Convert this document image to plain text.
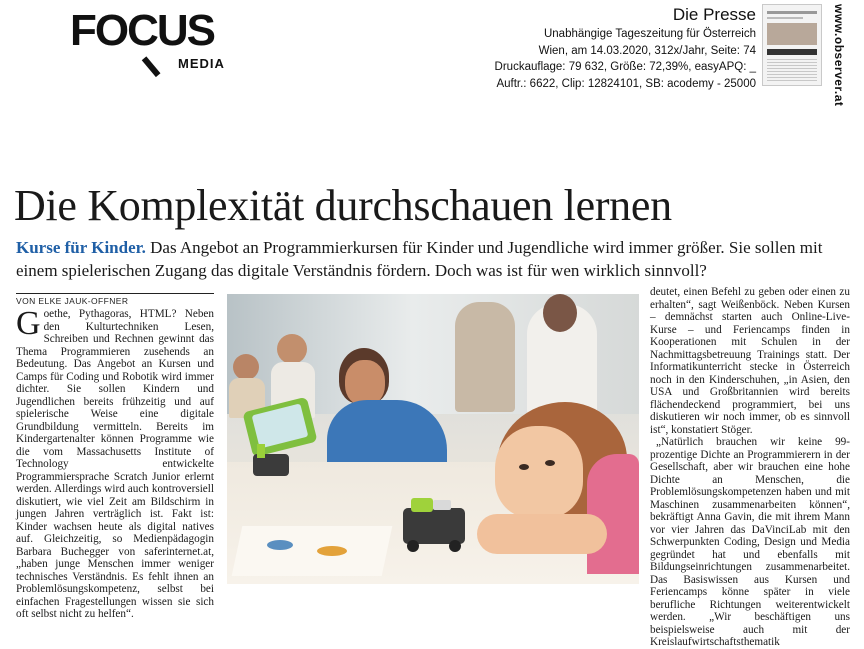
FOCUS
MEDIA
Die Presse
Unabhängige Tageszeitung für Österreich
Wien, am 14.03.2020, 312x/Jahr, Seite: 74
Druckauflage: 79 632, Größe: 72,39%, easyAPQ: _
Auftr.: 6622, Clip: 12824101, SB: acodemy - 25000	www.observer.at
Die Komplexität durchschauen lernen
Kurse für Kinder. Das Angebot an Programmierkursen für Kinder und Jugendliche wird immer größer. Sie sollen mit einem spielerischen Zugang das digitale Verständnis fördern. Doch was ist für wen wirklich sinnvoll?
VON ELKE JAUK-OFFNER

Goethe, Pythagoras, HTML? Neben den Kulturtechniken Lesen, Schreiben und Rechnen gewinnt das Thema Programmieren zusehends an Bedeutung. Das Angebot an Kursen und Camps für Coding und Robotik wird immer dichter. Sie sollen Kindern und Jugendlichen bereits frühzeitig und auf spielerische Weise eine digitale Grundbildung vermitteln. Bereits im Kindergartenalter können Programme wie die vom Massachusetts Institute of Technology entwickelte Programmiersprache Scratch Junior erlernt werden. Allerdings wird auch kontroversiell diskutiert, wie viel Zeit am Bildschirm in jungen Jahren verträglich ist. Fakt ist: Kinder wachsen heute als digital natives auf. Gleichzeitig, so Medienpädagogin Barbara Buchegger von saferinternet.at, „haben junge Menschen immer weniger technisches Verständnis. Es fehlt ihnen an Problemlösungskompetenz, selbst bei einfachen Fragestellungen wissen sie sich oft selbst nicht zu helfen“.

deutet, einen Befehl zu geben oder einen zu erhalten“, sagt Weißenböck. Neben Kursen – demnächst starten auch Online-Live-Kurse – und Feriencamps finden in Kooperationen mit Schulen in der Nachmittagsbetreuung Trainings statt. Der Informatikunterricht stecke in Österreich noch in den Kinderschuhen, „in Asien, den USA und Großbritannien wird bereits flächendeckend programmiert, bei uns diskutieren wir noch immer, ob es sinnvoll ist“, konstatiert Stöger.

„Natürlich brauchen wir keine 99-prozentige Dichte an Programmierern in der Gesellschaft, aber wir brauchen eine hohe Dichte an Menschen, die Problemlösungskompetenzen haben und mit Maschinen zusammenarbeiten können“, bekräftigt Anna Gavin, die mit ihrem Mann vor vier Jahren das DaVinciLab mit den Schwerpunkten Coding, Design und Media gegründet hat und ebenfalls mit Bildungseinrichtungen zusammenarbeitet. Das Basiswissen aus Kursen und Feriencamps könne später in viele berufliche Richtungen weiterentwickelt werden. „Wir beschäftigen uns beispielsweise auch mit der Kreislaufwirtschaftsthematik
